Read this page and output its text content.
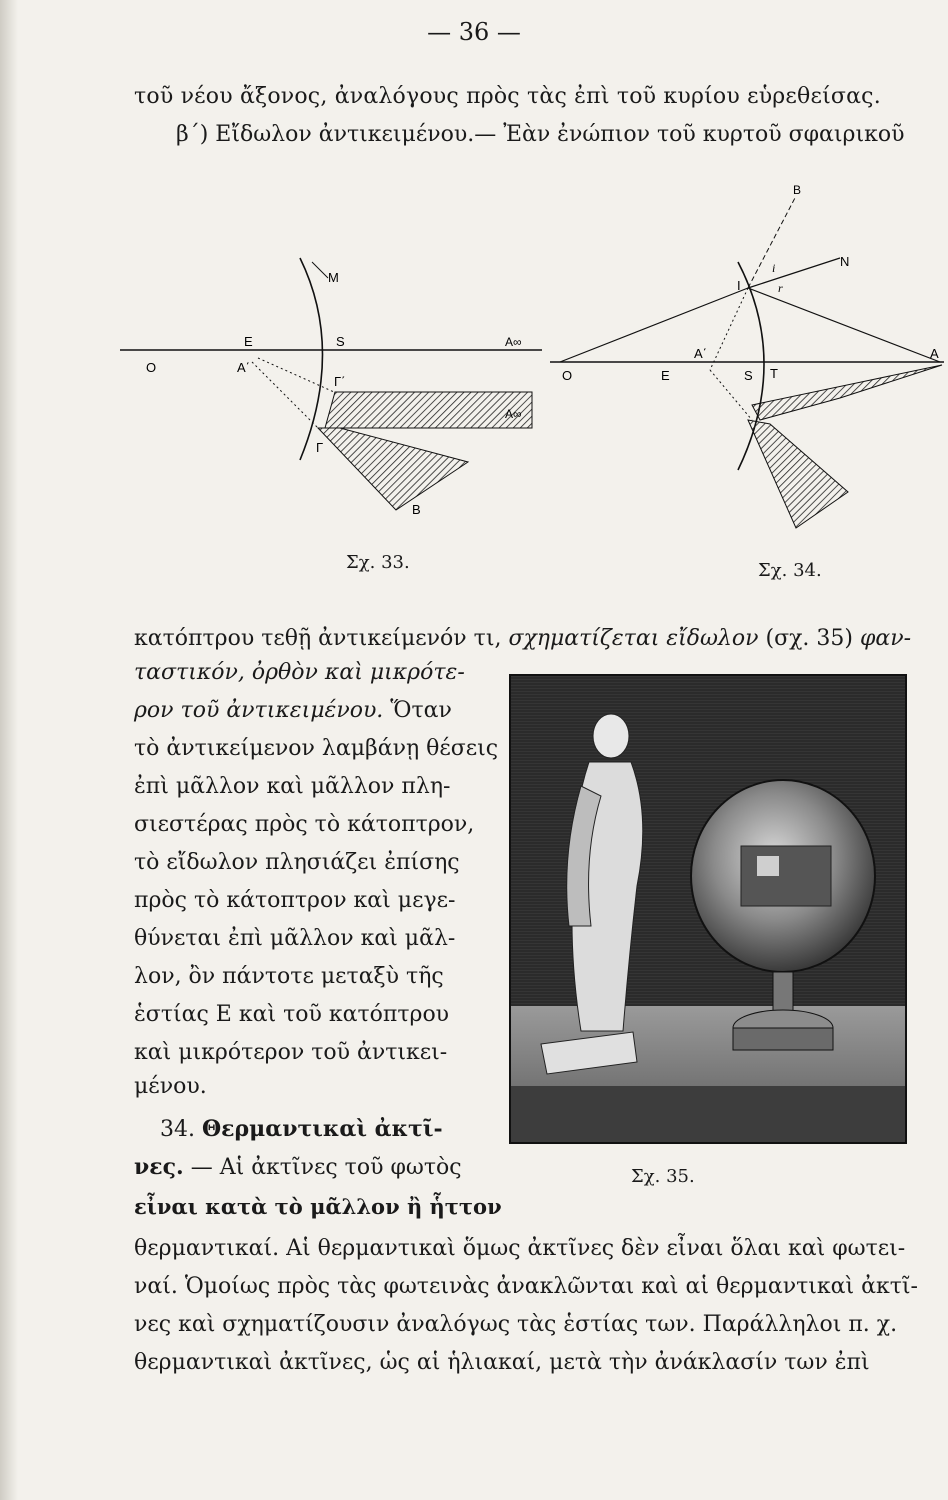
— 36 —
τοῦ νέου ἄξονος, ἀναλόγους πρὸς τὰς ἐπὶ τοῦ κυρίου εὑρεθείσας.
β΄) Εἴδωλον ἀντικειμένου.— Ἐὰν ἐνώπιον τοῦ κυρτοῦ σφαιρικοῦ
O
E
A΄
S
M
A∞
A∞
Γ΄
Γ
B
B
N
I
i
r
O	E
A΄
S T
A
Σχ. 33.	Σχ. 34.
κατόπτρου τεθῇ ἀντικείμενόν τι, σχηματίζεται εἴδωλον (σχ. 35) φαν-
ταστικόν, ὀρθὸν καὶ μικρότε-
ρον τοῦ ἀντικειμένου. Ὅταν
τὸ ἀντικείμενον λαμβάνῃ θέσεις
ἐπὶ μᾶλλον καὶ μᾶλλον πλη-
σιεστέρας πρὸς τὸ κάτοπτρον,
τὸ εἴδωλον πλησιάζει ἐπίσης
πρὸς τὸ κάτοπτρον καὶ μεγε-
θύνεται ἐπὶ μᾶλλον καὶ μᾶλ-
λον, ὂν πάντοτε μεταξὺ τῆς
ἑστίας E καὶ τοῦ κατόπτρου
καὶ μικρότερον τοῦ ἀντικει-
μένου.
34. Θερμαντικαὶ ἀκτῖ-
νες. — Αἱ ἀκτῖνες τοῦ φωτὸς
εἶναι κατὰ τὸ μᾶλλον ἢ ἧττον
Σχ. 35.
θερμαντικαί. Αἱ θερμαντικαὶ ὅμως ἀκτῖνες δὲν εἶναι ὅλαι καὶ φωτει-
ναί. Ὁμοίως πρὸς τὰς φωτεινὰς ἀνακλῶνται καὶ αἱ θερμαντικαὶ ἀκτῖ-
νες καὶ σχηματίζουσιν ἀναλόγως τὰς ἑστίας των. Παράλληλοι π. χ.
θερμαντικαὶ ἀκτῖνες, ὡς αἱ ἡλιακαί, μετὰ τὴν ἀνάκλασίν των ἐπὶ
